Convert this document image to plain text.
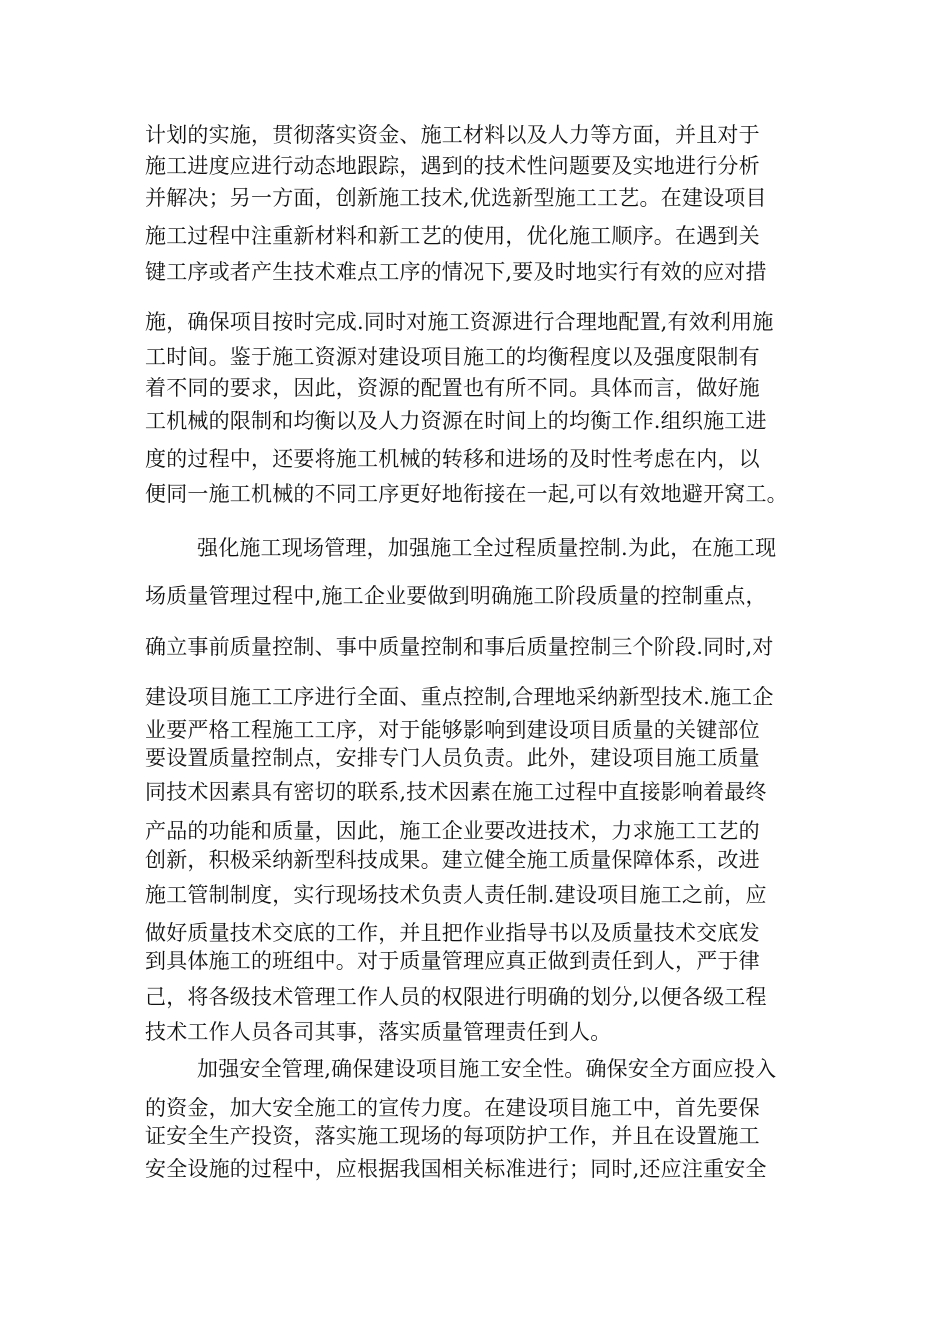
计划的实施，贯彻落实资金、施工材料以及人力等方面，并且对于
施工进度应进行动态地跟踪，遇到的技术性问题要及实地进行分析
并解决；另一方面，创新施工技术,优选新型施工工艺。在建设项目
施工过程中注重新材料和新工艺的使用，优化施工顺序。在遇到关
键工序或者产生技术难点工序的情况下,要及时地实行有效的应对措
施，确保项目按时完成.同时对施工资源进行合理地配置,有效利用施
工时间。鉴于施工资源对建设项目施工的均衡程度以及强度限制有
着不同的要求，因此，资源的配置也有所不同。具体而言，做好施
工机械的限制和均衡以及人力资源在时间上的均衡工作.组织施工进
度的过程中，还要将施工机械的转移和进场的及时性考虑在内，以
便同一施工机械的不同工序更好地衔接在一起,可以有效地避开窝工。
强化施工现场管理，加强施工全过程质量控制.为此，在施工现
场质量管理过程中,施工企业要做到明确施工阶段质量的控制重点，
确立事前质量控制、事中质量控制和事后质量控制三个阶段.同时,对
建设项目施工工序进行全面、重点控制,合理地采纳新型技术.施工企
业要严格工程施工工序，对于能够影响到建设项目质量的关键部位
要设置质量控制点，安排专门人员负责。此外，建设项目施工质量
同技术因素具有密切的联系,技术因素在施工过程中直接影响着最终
产品的功能和质量，因此，施工企业要改进技术，力求施工工艺的
创新，积极采纳新型科技成果。建立健全施工质量保障体系，改进
施工管制制度，实行现场技术负责人责任制.建设项目施工之前，应
做好质量技术交底的工作，并且把作业指导书以及质量技术交底发
到具体施工的班组中。对于质量管理应真正做到责任到人，严于律
己，将各级技术管理工作人员的权限进行明确的划分,以便各级工程
技术工作人员各司其事，落实质量管理责任到人。
加强安全管理,确保建设项目施工安全性。确保安全方面应投入
的资金，加大安全施工的宣传力度。在建设项目施工中，首先要保
证安全生产投资，落实施工现场的每项防护工作，并且在设置施工
安全设施的过程中，应根据我国相关标准进行；同时,还应注重安全
